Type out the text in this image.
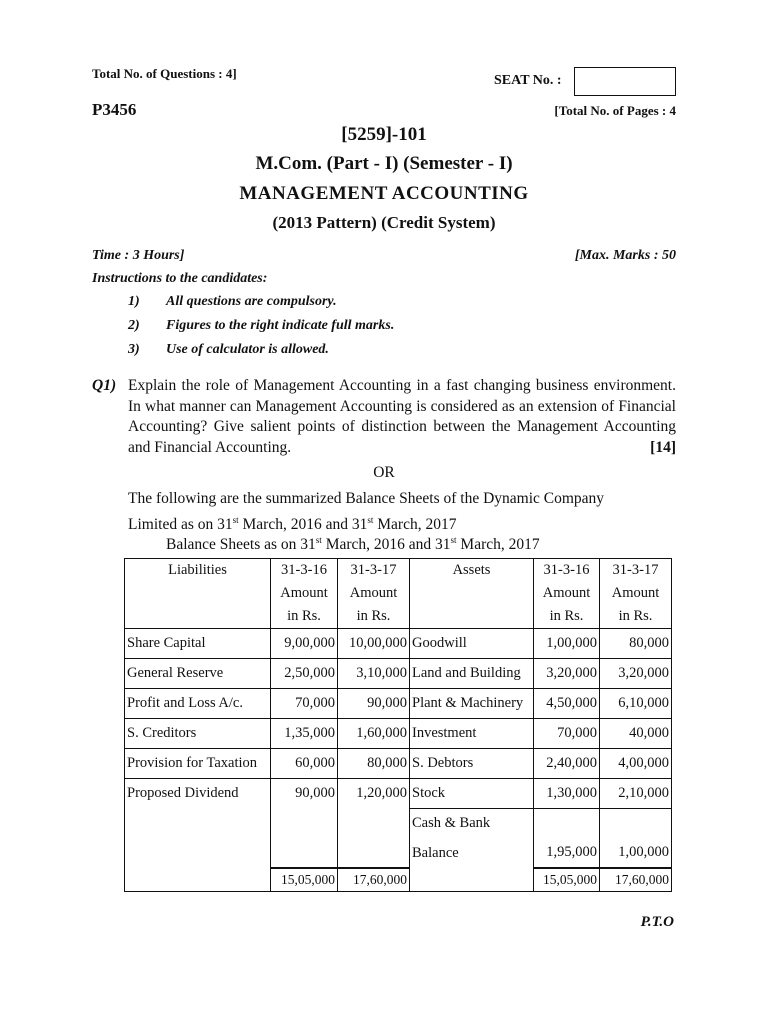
Total No. of Questions : 4]	SEAT No. :
P3456	[Total No. of Pages : 4
[5259]-101
M.Com. (Part - I) (Semester - I)
MANAGEMENT ACCOUNTING
(2013 Pattern) (Credit System)
Time : 3 Hours]	[Max. Marks : 50
Instructions to the candidates:
1) All questions are compulsory.
2) Figures to the right indicate full marks.
3) Use of calculator is allowed.
Q1) Explain the role of Management Accounting in a fast changing business environment. In what manner can Management Accounting is considered as an extension of Financial Accounting? Give salient points of distinction between the Management Accounting and Financial Accounting.	[14]
OR
The following are the summarized Balance Sheets of the Dynamic Company
Limited as on 31st March, 2016 and 31st March, 2017
Balance Sheets as on 31st March, 2016 and 31st March, 2017
Liabilities	31-3-16	31-3-17	Assets	31-3-16	31-3-17
	Amount	Amount		Amount	Amount
	in Rs.	in Rs.		in Rs.	in Rs.
Share Capital	9,00,000	10,00,000	Goodwill	1,00,000	80,000
General Reserve	2,50,000	3,10,000	Land and Building	3,20,000	3,20,000
Profit and Loss A/c.	70,000	90,000	Plant & Machinery	4,50,000	6,10,000
S. Creditors	1,35,000	1,60,000	Investment	70,000	40,000
Provision for Taxation	60,000	80,000	S. Debtors	2,40,000	4,00,000
Proposed Dividend	90,000	1,20,000	Stock	1,30,000	2,10,000
			Cash & Bank		
			Balance	1,95,000	1,00,000
	15,05,000	17,60,000		15,05,000	17,60,000
P.T.O
